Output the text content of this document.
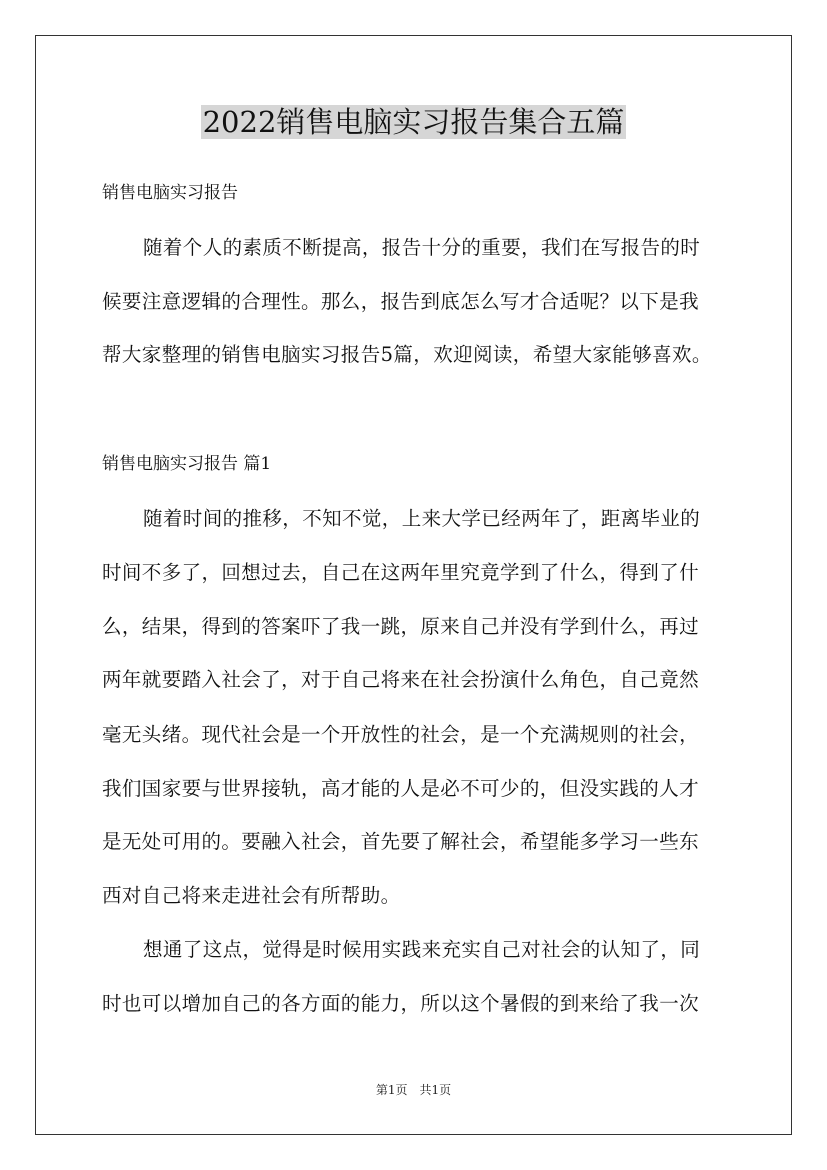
2022销售电脑实习报告集合五篇
销售电脑实习报告
随着个人的素质不断提高，报告十分的重要，我们在写报告的时
候要注意逻辑的合理性。那么，报告到底怎么写才合适呢？以下是我
帮大家整理的销售电脑实习报告5篇，欢迎阅读，希望大家能够喜欢。
销售电脑实习报告 篇1
随着时间的推移，不知不觉，上来大学已经两年了，距离毕业的
时间不多了，回想过去，自己在这两年里究竟学到了什么，得到了什
么，结果，得到的答案吓了我一跳，原来自己并没有学到什么，再过
两年就要踏入社会了，对于自己将来在社会扮演什么角色，自己竟然
毫无头绪。现代社会是一个开放性的社会，是一个充满规则的社会，
我们国家要与世界接轨，高才能的人是必不可少的，但没实践的人才
是无处可用的。要融入社会，首先要了解社会，希望能多学习一些东
西对自己将来走进社会有所帮助。
想通了这点，觉得是时候用实践来充实自己对社会的认知了，同
时也可以增加自己的各方面的能力，所以这个暑假的到来给了我一次
第1页　共1页
